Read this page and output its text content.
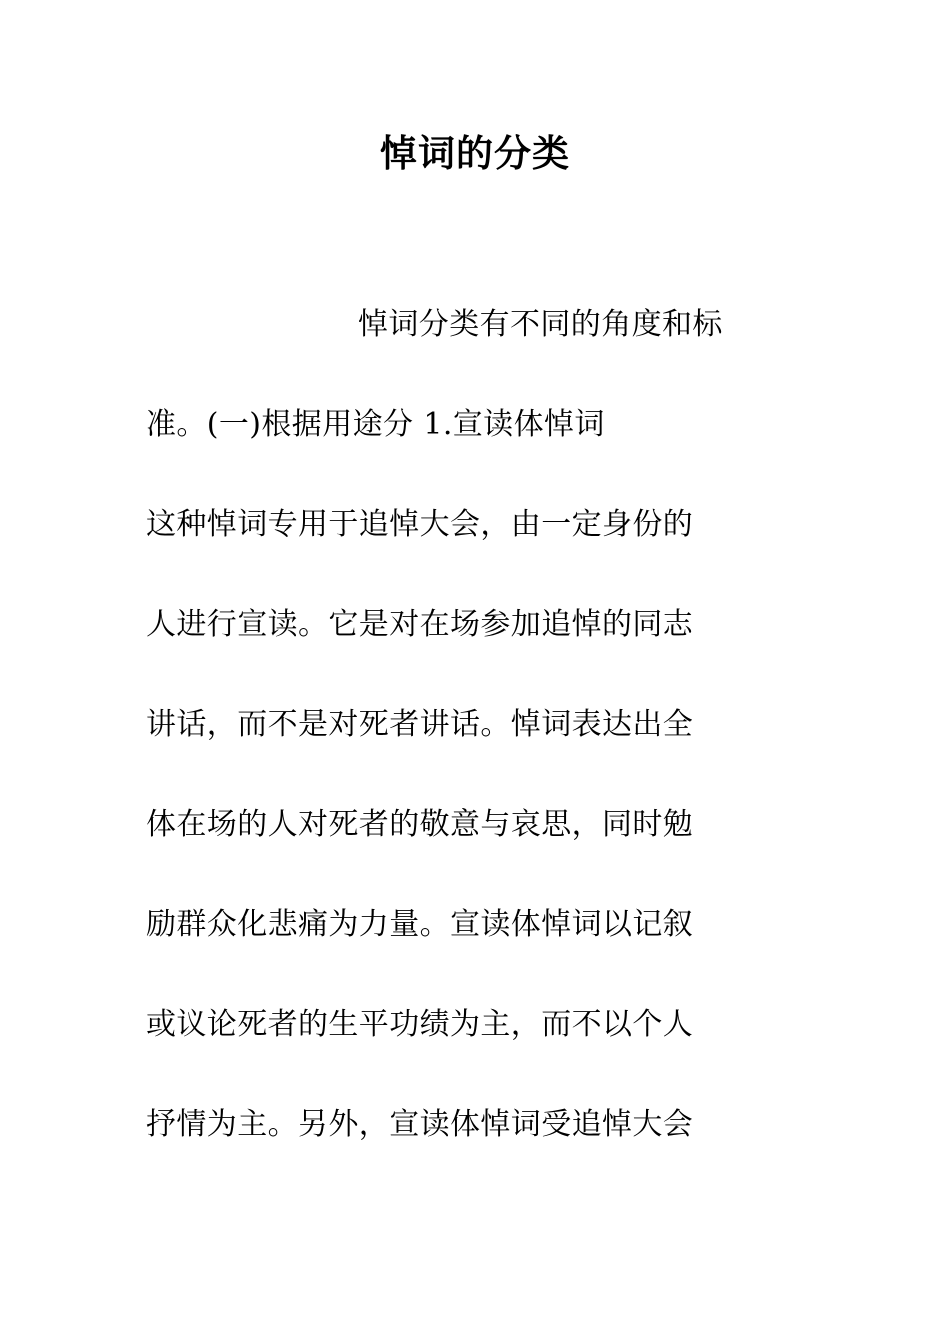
悼词的分类
悼词分类有不同的角度和标
准。(一)根据用途分 1.宣读体悼词
这种悼词专用于追悼大会，由一定身份的
人进行宣读。它是对在场参加追悼的同志
讲话，而不是对死者讲话。悼词表达出全
体在场的人对死者的敬意与哀思，同时勉
励群众化悲痛为力量。宣读体悼词以记叙
或议论死者的生平功绩为主，而不以个人
抒情为主。另外，宣读体悼词受追悼大会
